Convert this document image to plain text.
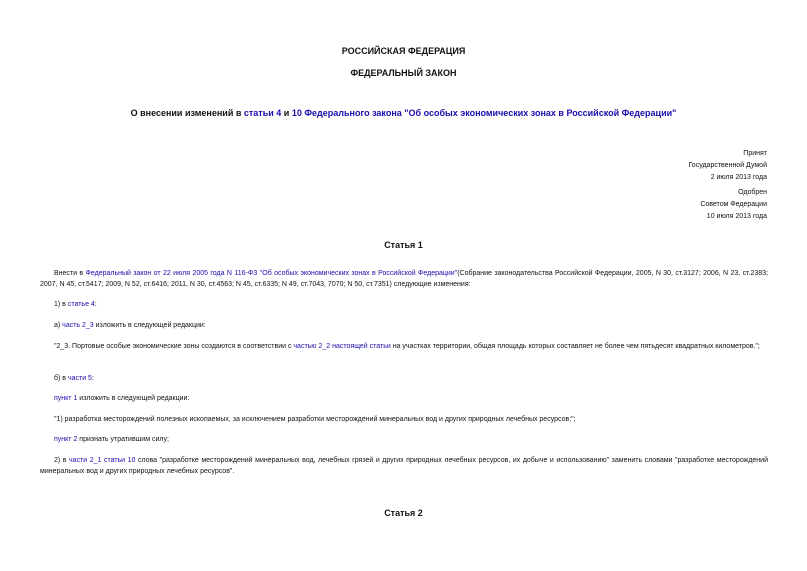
РОССИЙСКАЯ ФЕДЕРАЦИЯ
ФЕДЕРАЛЬНЫЙ ЗАКОН
О внесении изменений в статьи 4 и 10 Федерального закона "Об особых экономических зонах в Российской Федерации"
Принят
Государственной Думой
2 июля 2013 года
Одобрен
Советом Федерации
10 июля 2013 года
Статья 1
Внести в Федеральный закон от 22 июля 2005 года N 116-ФЗ "Об особых экономических зонах в Российской Федерации"(Собрание законодательства Российской Федерации, 2005, N 30, ст.3127; 2006, N 23, ст.2383; 2007, N 45, ст.5417; 2009, N 52, ст.6416; 2011, N 30, ст.4563; N 45, ст.6335; N 49, ст.7043, 7070; N 50, ст.7351) следующие изменения:
1) в статье 4:
а) часть 2_3 изложить в следующей редакции:
"2_3. Портовые особые экономические зоны создаются в соответствии с частью 2_2 настоящей статьи на участках территории, общая площадь которых составляет не более чем пятьдесят квадратных километров.";
б) в части 5:
пункт 1 изложить в следующей редакции:
"1) разработка месторождений полезных ископаемых, за исключением разработки месторождений минеральных вод и других природных лечебных ресурсов;";
пункт 2 признать утратившим силу;
2) в части 2_1 статьи 10 слова "разработке месторождений минеральных вод, лечебных грязей и других природных лечебных ресурсов, их добыче и использованию" заменить словами "разработке месторождений минеральных вод и других природных лечебных ресурсов".
Статья 2
